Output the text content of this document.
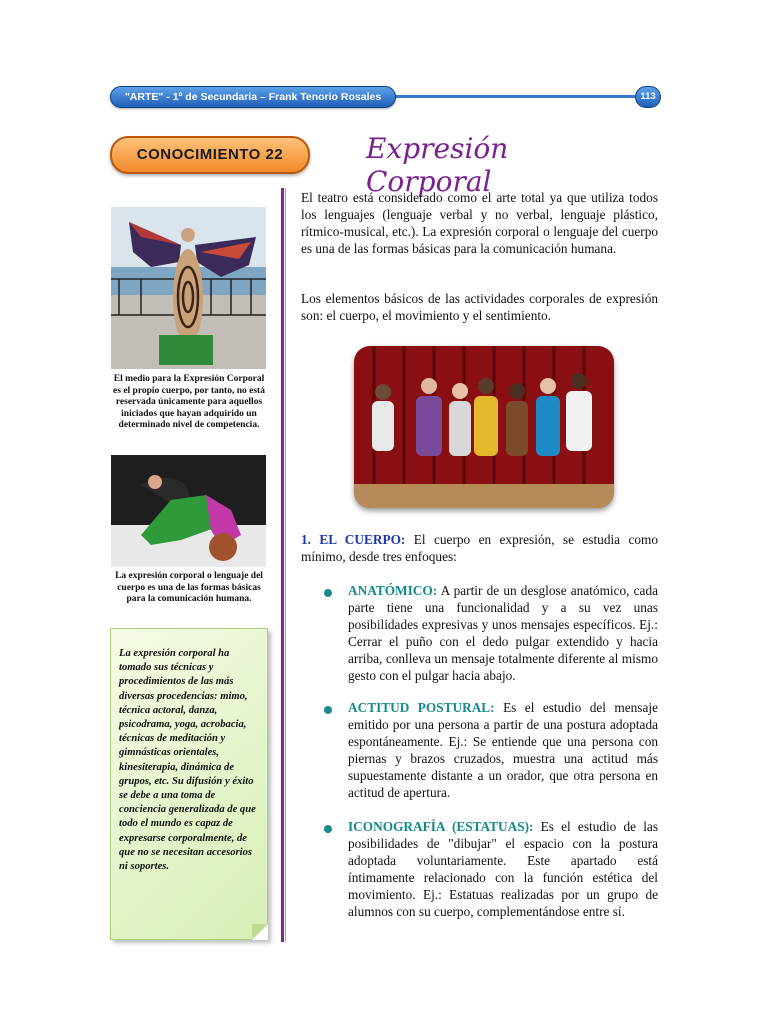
"ARTE" - 1º de Secundaria – Frank Tenorio Rosales	113
CONOCIMIENTO 22	Expresión Corporal
El medio para la Expresión Corporal es el propio cuerpo, por tanto, no está reservada únicamente para aquellos iniciados que hayan adquirido un determinado nivel de competencia.
La expresión corporal o lenguaje del cuerpo es una de las formas básicas para la comunicación humana.
La expresión corporal ha tomado sus técnicas y procedimientos de las más diversas procedencias: mimo, técnica actoral, danza, psicodrama, yoga, acrobacia, técnicas de meditación y gimnásticas orientales, kinesiterapia, dinámica de grupos, etc. Su difusión y éxito se debe a una toma de conciencia generalizada de que todo el mundo es capaz de expresarse corporalmente, de que no se necesitan accesorios ni soportes.
El teatro está considerado como el arte total ya que utiliza todos los lenguajes (lenguaje verbal y no verbal, lenguaje plástico, rítmico-musical, etc.). La expresión corporal o lenguaje del cuerpo es una de las formas básicas para la comunicación humana.
Los elementos básicos de las actividades corporales de expresión son: el cuerpo, el movimiento y el sentimiento.
1. EL CUERPO: El cuerpo en expresión, se estudia como mínimo, desde tres enfoques:
ANATÓMICO: A partir de un desglose anatómico, cada parte tiene una funcionalidad y a su vez unas posibilidades expresivas y unos mensajes específicos. Ej.: Cerrar el puño con el dedo pulgar extendido y hacia arriba, conlleva un mensaje totalmente diferente al mismo gesto con el pulgar hacia abajo.
ACTITUD POSTURAL: Es el estudio del mensaje emitido por una persona a partir de una postura adoptada espontáneamente. Ej.: Se entiende que una persona con piernas y brazos cruzados, muestra una actitud más supuestamente distante a un orador, que otra persona en actitud de apertura.
ICONOGRAFÍA (ESTATUAS): Es el estudio de las posibilidades de "dibujar" el espacio con la postura adoptada voluntariamente. Este apartado está íntimamente relacionado con la función estética del movimiento. Ej.: Estatuas realizadas por un grupo de alumnos con su cuerpo, complementándose entre sí.
